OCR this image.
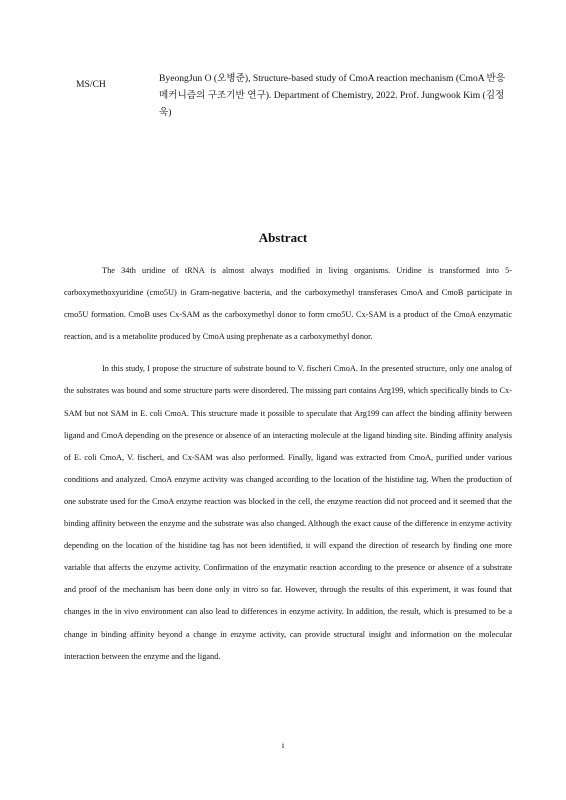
MS/CH
ByeongJun O (오병준), Structure-based study of CmoA reaction mechanism (CmoA 반응 메커니즘의 구조기반 연구). Department of Chemistry, 2022. Prof. Jungwook Kim (김정욱)
Abstract

The 34th uridine of tRNA is almost always modified in living organisms. Uridine is transformed into 5-carboxymethoxyuridine (cmo5U) in Gram-negative bacteria, and the carboxymethyl transferases CmoA and CmoB participate in cmo5U formation. CmoB uses Cx-SAM as the carboxymethyl donor to form cmo5U. Cx-SAM is a product of the CmoA enzymatic reaction, and is a metabolite produced by CmoA using prephenate as a carboxymethyl donor.

In this study, I propose the structure of substrate bound to V. fischeri CmoA. In the presented structure, only one analog of the substrates was bound and some structure parts were disordered. The missing part contains Arg199, which specifically binds to Cx-SAM but not SAM in E. coli CmoA. This structure made it possible to speculate that Arg199 can affect the binding affinity between ligand and CmoA depending on the presence or absence of an interacting molecule at the ligand binding site. Binding affinity analysis of E. coli CmoA, V. fischeri, and Cx-SAM was also performed. Finally, ligand was extracted from CmoA, purified under various conditions and analyzed. CmoA enzyme activity was changed according to the location of the histidine tag. When the production of one substrate used for the CmoA enzyme reaction was blocked in the cell, the enzyme reaction did not proceed and it seemed that the binding affinity between the enzyme and the substrate was also changed. Although the exact cause of the difference in enzyme activity depending on the location of the histidine tag has not been identified, it will expand the direction of research by finding one more variable that affects the enzyme activity. Confirmation of the enzymatic reaction according to the presence or absence of a substrate and proof of the mechanism has been done only in vitro so far. However, through the results of this experiment, it was found that changes in the in vivo environment can also lead to differences in enzyme activity. In addition, the result, which is presumed to be a change in binding affinity beyond a change in enzyme activity, can provide structural insight and information on the molecular interaction between the enzyme and the ligand.

i
